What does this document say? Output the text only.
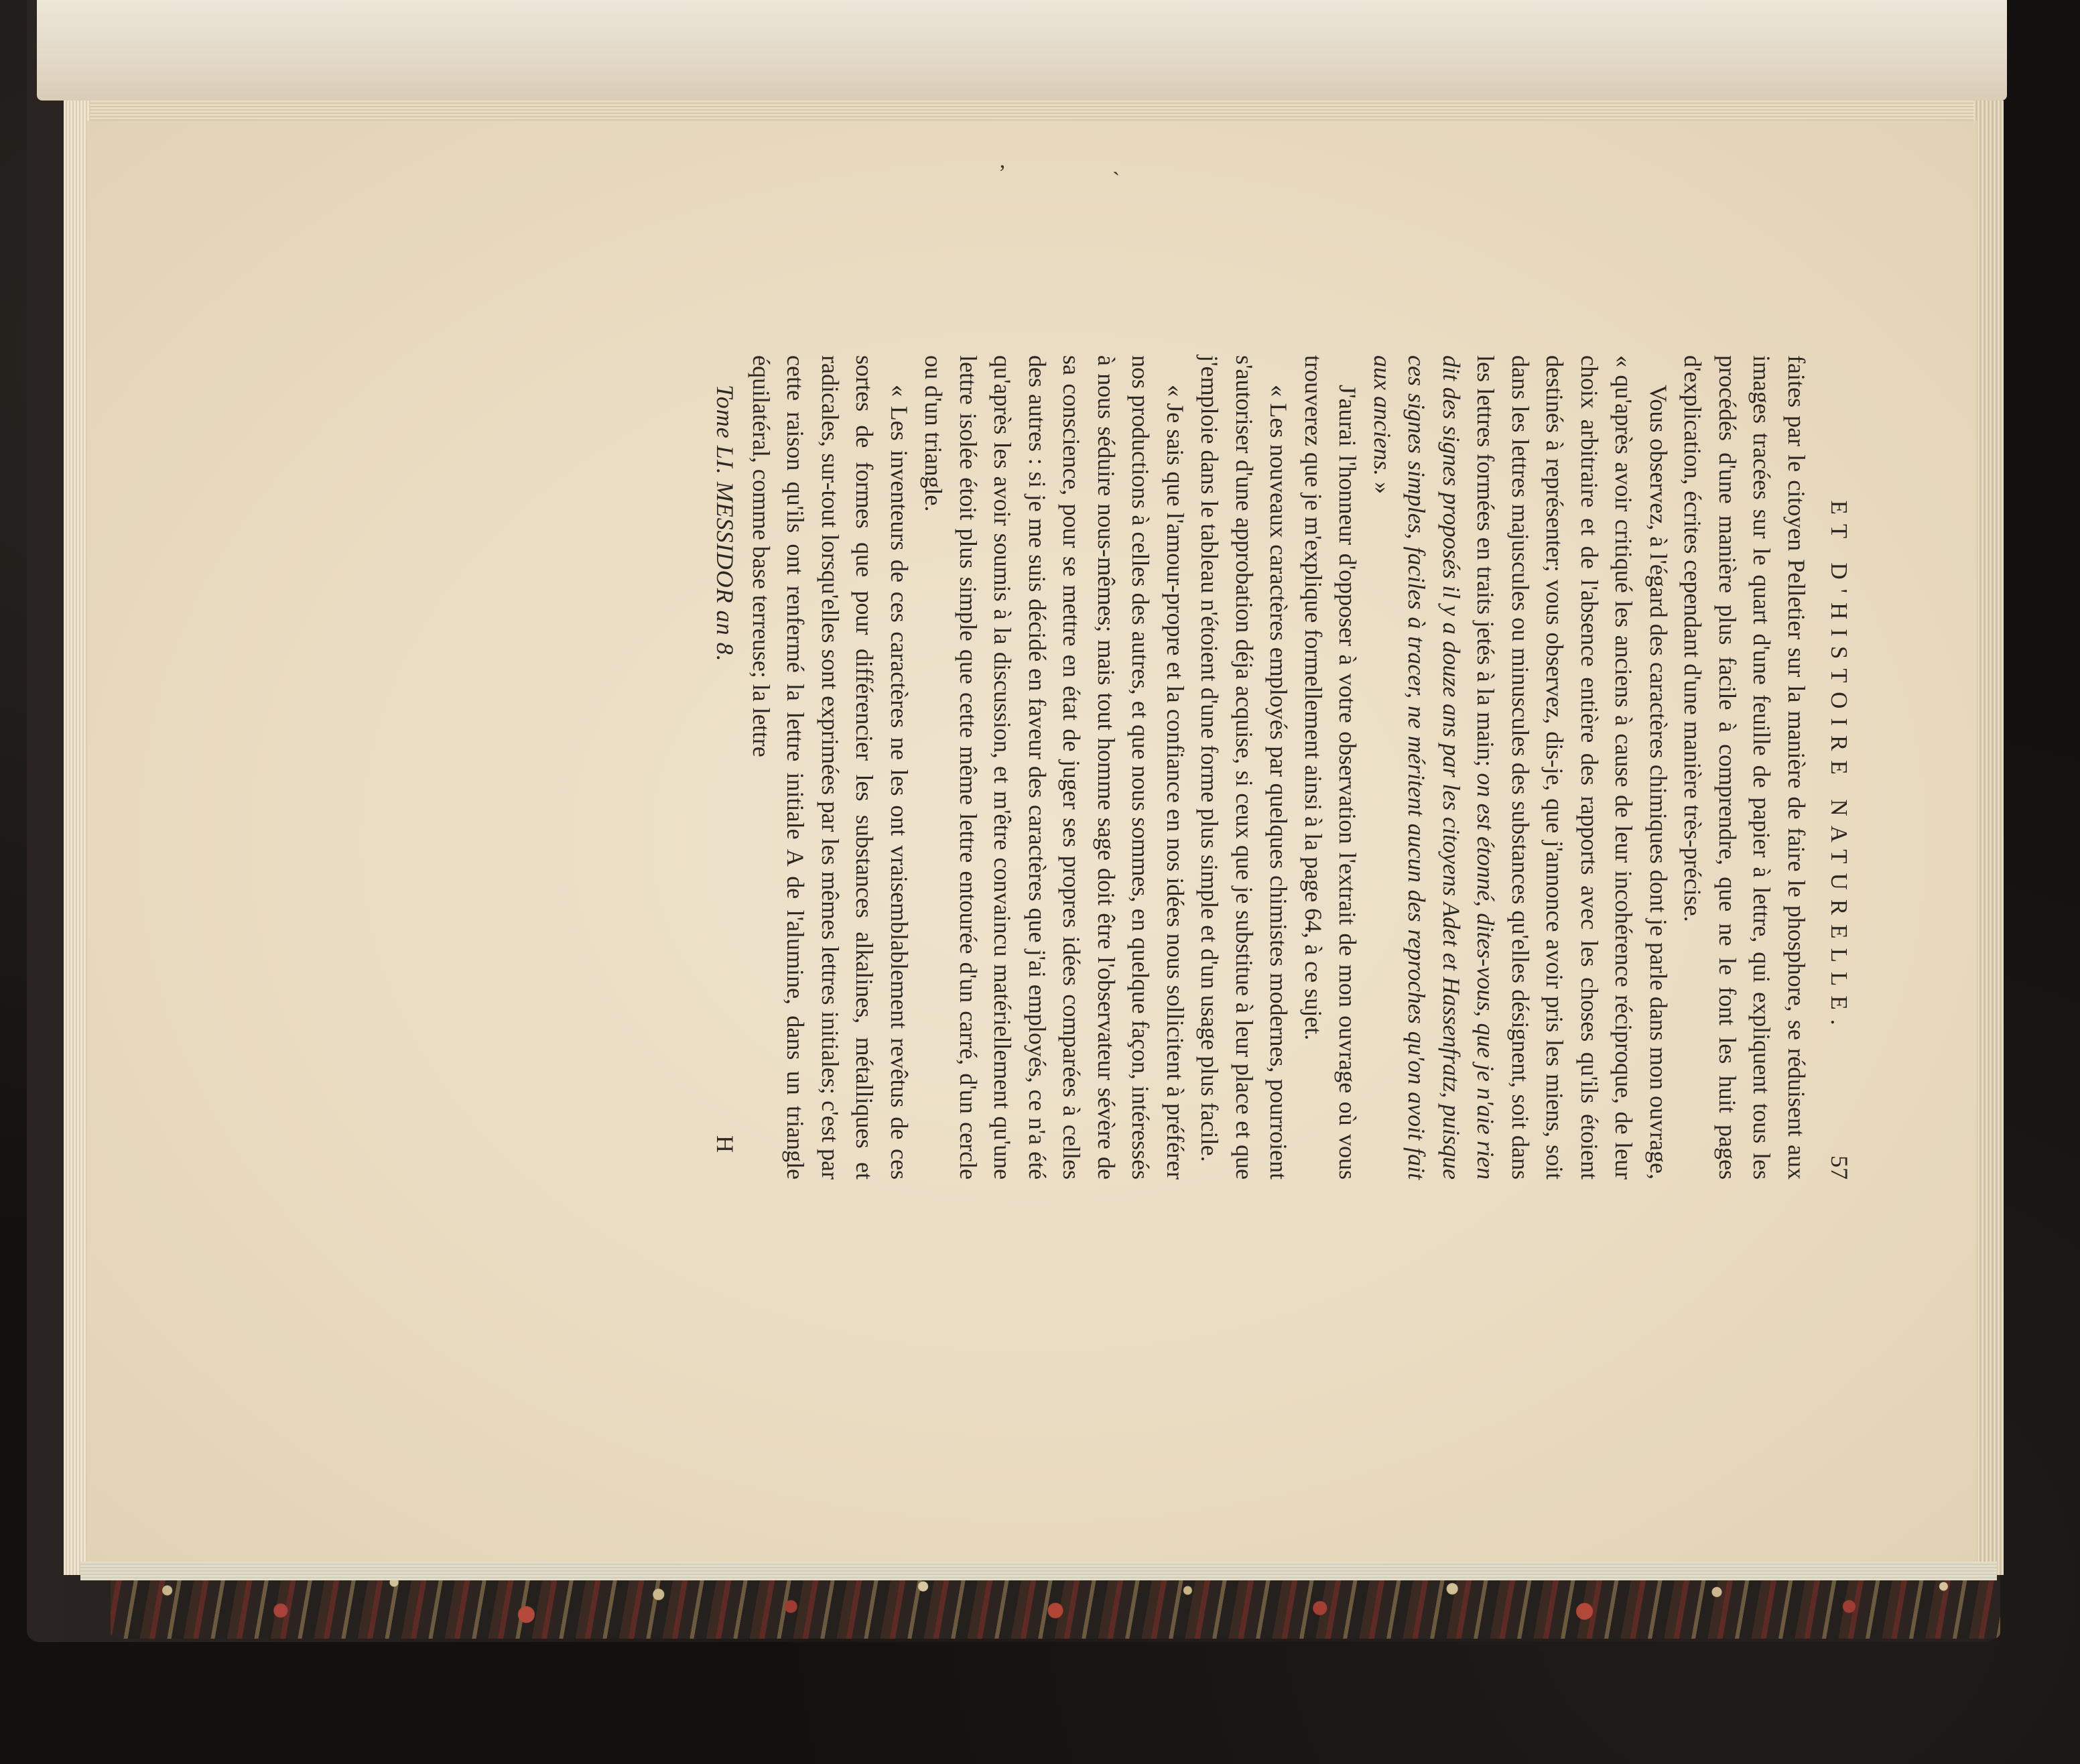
ʼ	ˏ
ET D'HISTOIRE NATURELLE.
57

faites par le citoyen Pelletier sur la manière de faire le phosphore, se réduisent aux images tracées sur le quart d'une feuille de papier à lettre, qui expliquent tous les procédés d'une manière plus facile à comprendre, que ne le font les huit pages d'explication, écrites cependant d'une manière très-précise.

Vous observez, à l'égard des caractères chimiques dont je parle dans mon ouvrage, « qu'après avoir critiqué les anciens à cause de leur incohérence réciproque, de leur choix arbitraire et de l'absence entière des rapports avec les choses qu'ils étoient destinés à représenter; vous observez, dis-je, que j'annonce avoir pris les miens, soit dans les lettres majuscules ou minuscules des substances qu'elles désignent, soit dans les lettres formées en traits jetés à la main; on est étonné, dites-vous, que je n'aie rien dit des signes proposés il y a douze ans par les citoyens Adet et Hassenfratz, puisque ces signes simples, faciles à tracer, ne méritent aucun des reproches qu'on avoit fait aux anciens. »

J'aurai l'honneur d'opposer à votre observation l'extrait de mon ouvrage où vous trouverez que je m'explique formellement ainsi à la page 64, à ce sujet.

« Les nouveaux caractères employés par quelques chimistes modernes, pourroient s'autoriser d'une approbation déja acquise, si ceux que je substitue à leur place et que j'emploie dans le tableau n'étoient d'une forme plus simple et d'un usage plus facile.

« Je sais que l'amour-propre et la confiance en nos idées nous sollicitent à préférer nos productions à celles des autres, et que nous sommes, en quelque façon, intéressés à nous séduire nous-mêmes; mais tout homme sage doit être l'observateur sévère de sa conscience, pour se mettre en état de juger ses propres idées comparées à celles des autres : si je me suis décidé en faveur des caractères que j'ai employés, ce n'a été qu'après les avoir soumis à la discussion, et m'être convaincu matériellement qu'une lettre isolée étoit plus simple que cette même lettre entourée d'un carré, d'un cercle ou d'un triangle.

« Les inventeurs de ces caractères ne les ont vraisemblablement revêtus de ces sortes de formes que pour différencier les substances alkalines, métalliques et radicales, sur-tout lorsqu'elles sont exprimées par les mêmes lettres initiales; c'est par cette raison qu'ils ont renfermé la lettre initiale A de l'alumine, dans un triangle équilatéral, comme base terreuse; la lettre

Tome LI. MESSIDOR an 8.
H
